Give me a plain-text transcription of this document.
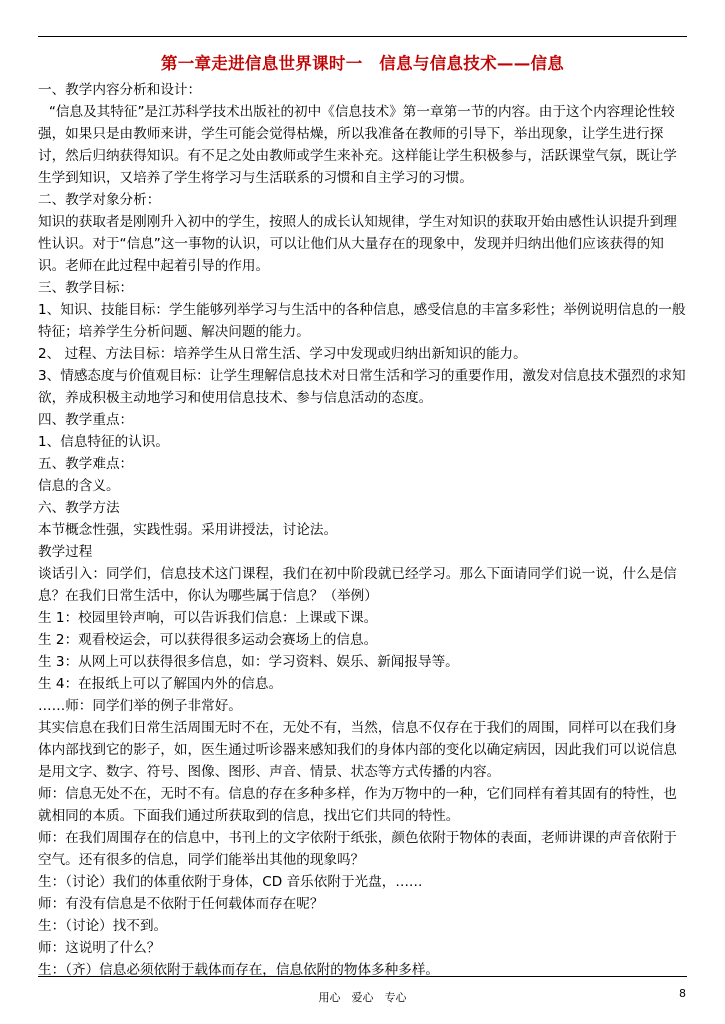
第一章走进信息世界课时一　信息与信息技术——信息

一、教学内容分析和设计：

“信息及其特征”是江苏科学技术出版社的初中《信息技术》第一章第一节的内容。由于这个内容理论性较强，如果只是由教师来讲，学生可能会觉得枯燥，所以我准备在教师的引导下，举出现象，让学生进行探讨，然后归纳获得知识。有不足之处由教师或学生来补充。这样能让学生积极参与，活跃课堂气氛，既让学生学到知识，又培养了学生将学习与生活联系的习惯和自主学习的习惯。

二、教学对象分析：

知识的获取者是刚刚升入初中的学生，按照人的成长认知规律，学生对知识的获取开始由感性认识提升到理性认识。对于“信息”这一事物的认识，可以让他们从大量存在的现象中，发现并归纳出他们应该获得的知识。老师在此过程中起着引导的作用。

三、教学目标：

1、知识、技能目标：学生能够列举学习与生活中的各种信息，感受信息的丰富多彩性；举例说明信息的一般特征；培养学生分析问题、解决问题的能力。

2、 过程、方法目标：培养学生从日常生活、学习中发现或归纳出新知识的能力。

3、情感态度与价值观目标：让学生理解信息技术对日常生活和学习的重要作用，激发对信息技术强烈的求知欲，养成积极主动地学习和使用信息技术、参与信息活动的态度。

四、教学重点：

1、信息特征的认识。

五、教学难点：

信息的含义。

六、教学方法

本节概念性强，实践性弱。采用讲授法，讨论法。

教学过程

谈话引入：同学们，信息技术这门课程，我们在初中阶段就已经学习。那么下面请同学们说一说，什么是信息？在我们日常生活中，你认为哪些属于信息？（举例）

生 1：校园里铃声响，可以告诉我们信息：上课或下课。

生 2：观看校运会，可以获得很多运动会赛场上的信息。

生 3：从网上可以获得很多信息，如：学习资料、娱乐、新闻报导等。

生 4：在报纸上可以了解国内外的信息。

……师：同学们举的例子非常好。

其实信息在我们日常生活周围无时不在，无处不有，当然，信息不仅存在于我们的周围，同样可以在我们身体内部找到它的影子，如，医生通过听诊器来感知我们的身体内部的变化以确定病因，因此我们可以说信息是用文字、数字、符号、图像、图形、声音、情景、状态等方式传播的内容。

师：信息无处不在，无时不有。信息的存在多种多样，作为万物中的一种，它们同样有着其固有的特性，也就相同的本质。下面我们通过所获取到的信息，找出它们共同的特性。

师：在我们周围存在的信息中，书刊上的文字依附于纸张，颜色依附于物体的表面，老师讲课的声音依附于空气。还有很多的信息，同学们能举出其他的现象吗？

生：（讨论）我们的体重依附于身体，CD 音乐依附于光盘，……

师：有没有信息是不依附于任何载体而存在呢？

生：（讨论）找不到。

师：这说明了什么？

生：（齐）信息必须依附于载体而存在，信息依附的物体多种多样。

用心　爱心　专心	8
